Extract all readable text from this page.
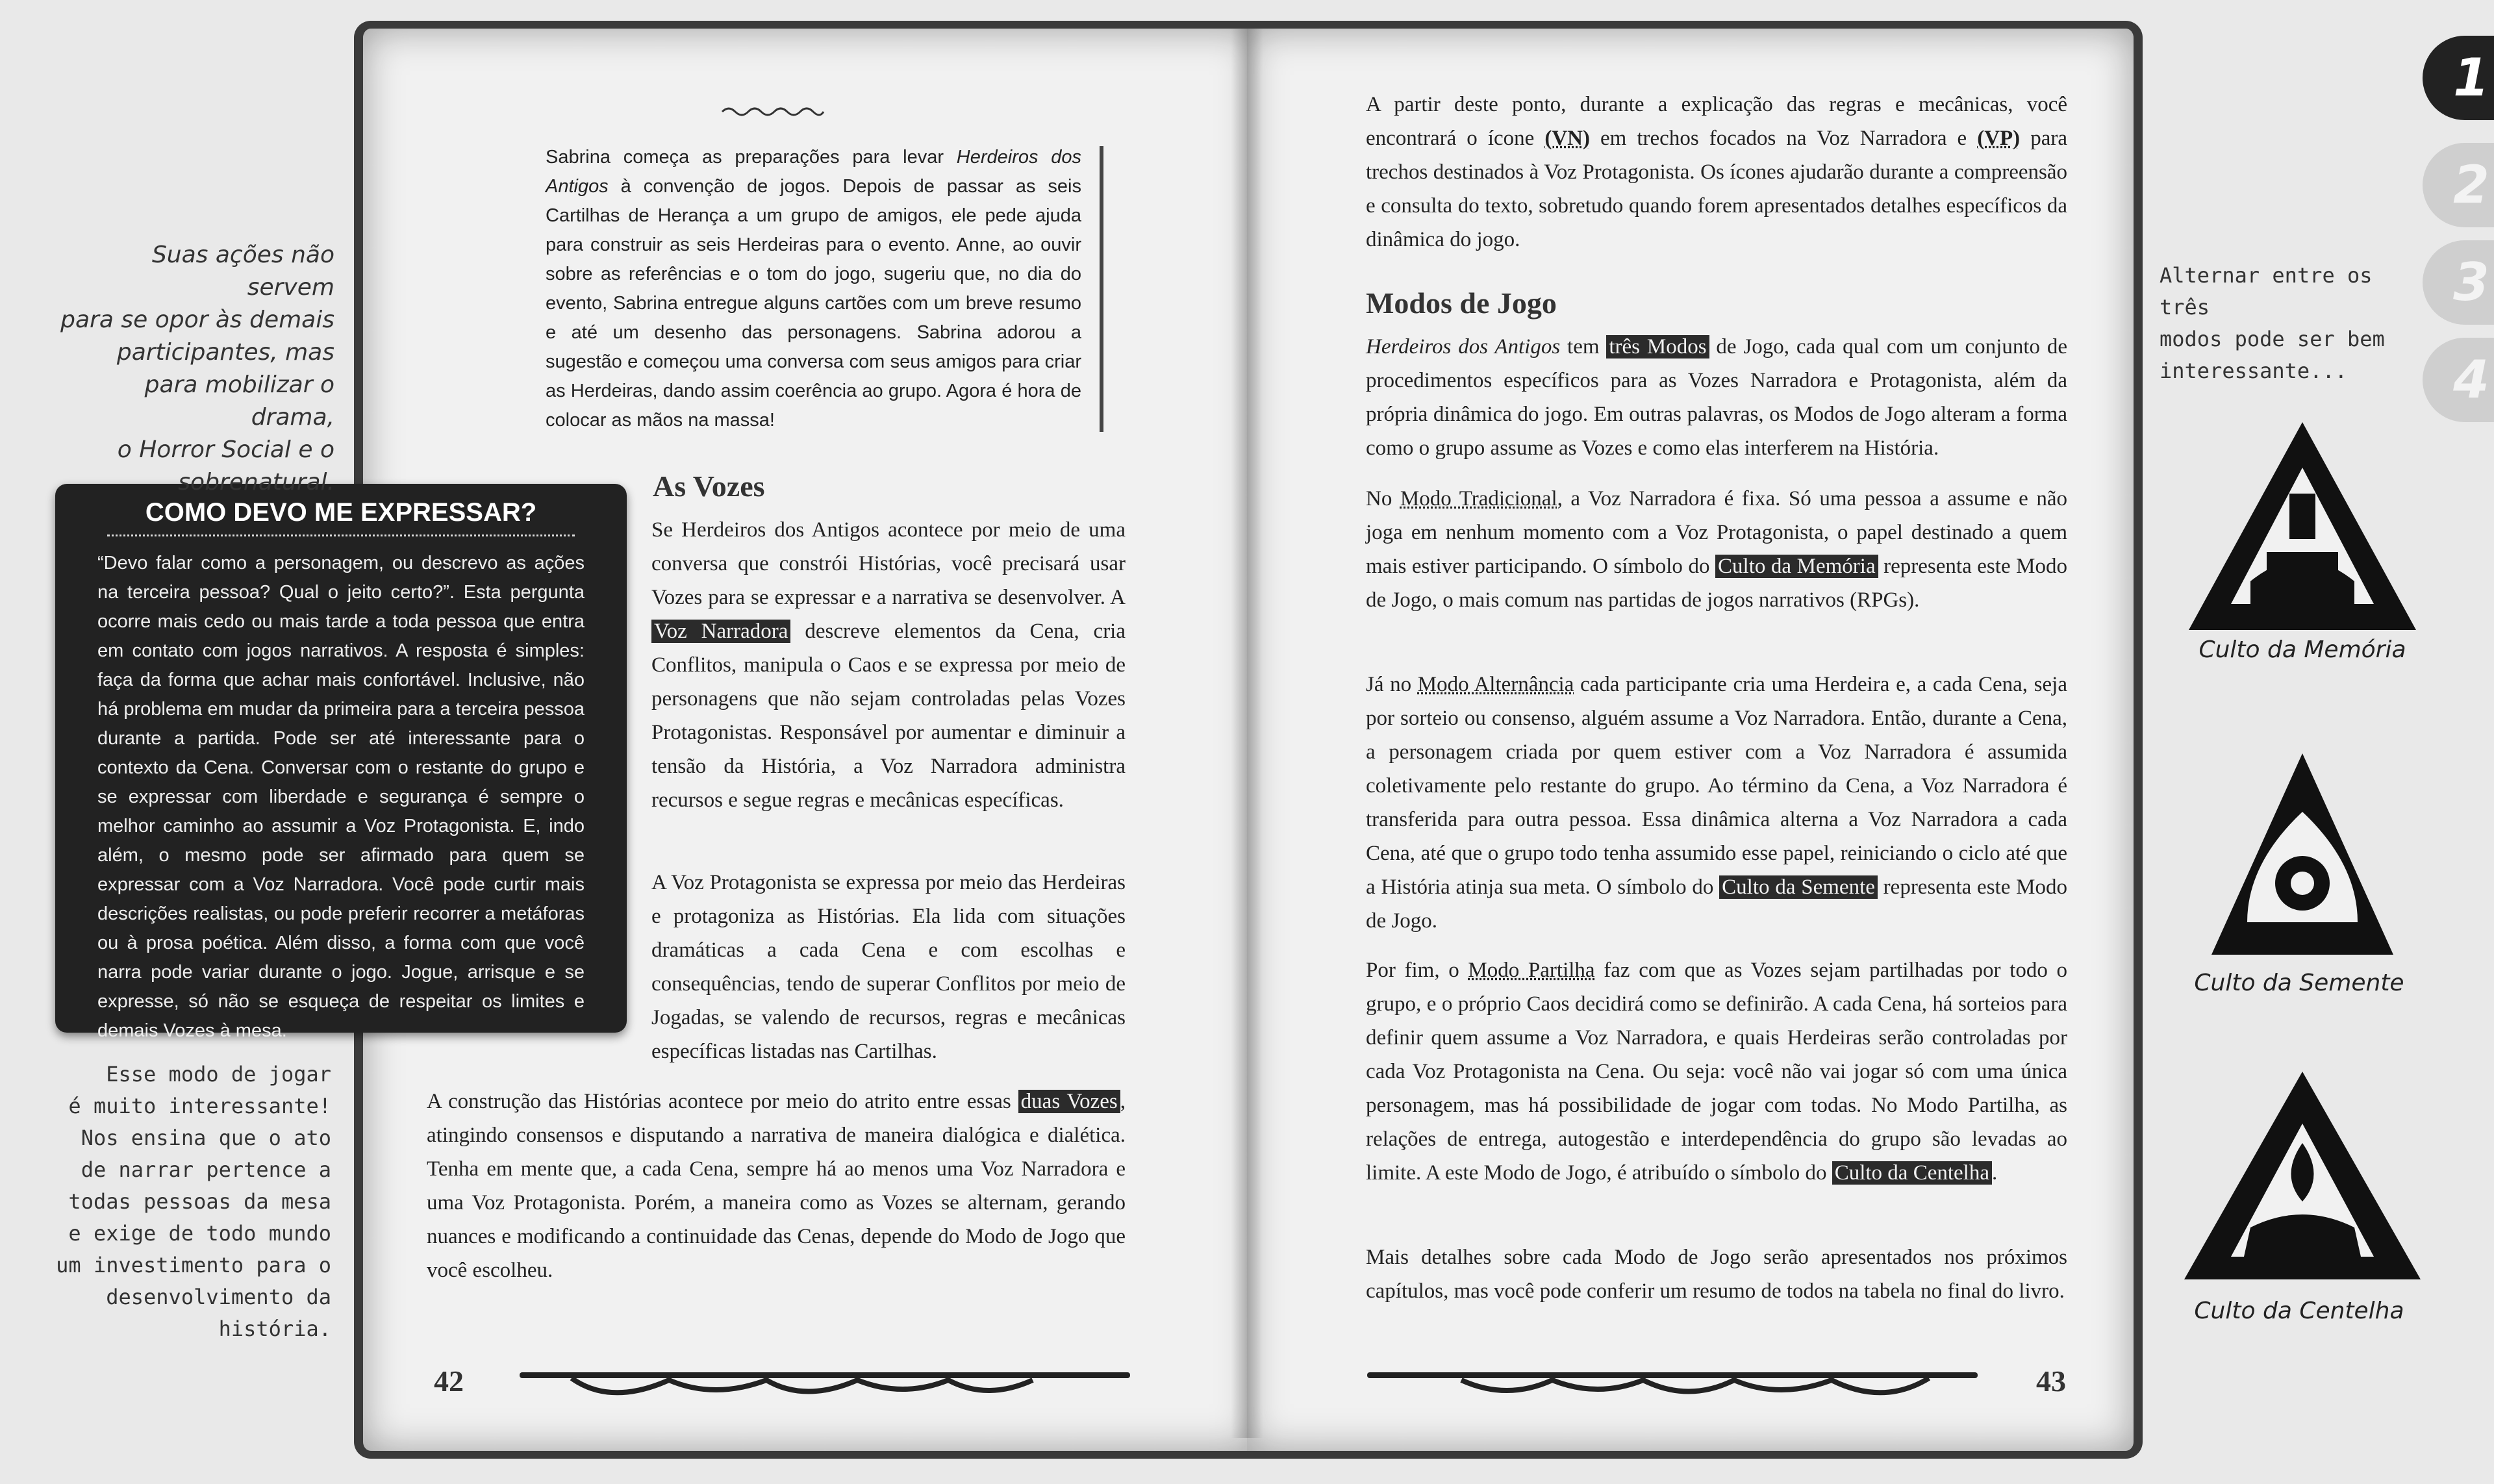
Sabrina começa as preparações para levar Herdeiros dos Antigos à convenção de jogos. Depois de passar as seis Cartilhas de Herança a um grupo de amigos, ele pede ajuda para construir as seis Herdeiras para o evento. Anne, ao ouvir sobre as referências e o tom do jogo, sugeriu que, no dia do evento, Sabrina entregue alguns cartões com um breve resumo e até um desenho das personagens. Sabrina adorou a sugestão e começou uma conversa com seus amigos para criar as Herdeiras, dando assim coerência ao grupo. Agora é hora de colocar as mãos na massa!
As Vozes
Se Herdeiros dos Antigos acontece por meio de uma conversa que constrói Histórias, você precisará usar Vozes para se expressar e a narrativa se desenvolver. A Voz Narradora descreve elementos da Cena, cria Conflitos, manipula o Caos e se expressa por meio de personagens que não sejam controladas pelas Vozes Protagonistas. Responsável por aumentar e diminuir a tensão da História, a Voz Narradora administra recursos e segue regras e mecânicas específicas.
A Voz Protagonista se expressa por meio das Herdeiras e protagoniza as Histórias. Ela lida com situações dramáticas a cada Cena e com escolhas e consequências, tendo de superar Conflitos por meio de Jogadas, se valendo de recursos, regras e mecânicas específicas listadas nas Cartilhas.
A construção das Histórias acontece por meio do atrito entre essas duas Vozes , atingindo consensos e disputando a narrativa de maneira dialógica e dialética. Tenha em mente que, a cada Cena, sempre há ao menos uma Voz Narradora e uma Voz Protagonista. Porém, a maneira como as Vozes se alternam, gerando nuances e modificando a continuidade das Cenas, depende do Modo de Jogo que você escolheu.
42
COMO DEVO ME EXPRESSAR?
“Devo falar como a personagem, ou descrevo as ações na terceira pessoa? Qual o jeito certo?”. Esta pergunta ocorre mais cedo ou mais tarde a toda pessoa que entra em contato com jogos narrativos. A resposta é simples: faça da forma que achar mais confortável. Inclusive, não há problema em mudar da primeira para a terceira pessoa durante a partida. Pode ser até interessante para o contexto da Cena. Conversar com o restante do grupo e se expressar com liberdade e segurança é sempre o melhor caminho ao assumir a Voz Protagonista. E, indo além, o mesmo pode ser afirmado para quem se expressar com a Voz Narradora. Você pode curtir mais descrições realistas, ou pode preferir recorrer a metáforas ou à prosa poética. Além disso, a forma com que você narra pode variar durante o jogo. Jogue, arrisque e se expresse, só não se esqueça de respeitar os limites e demais Vozes à mesa.
Suas ações não servem
para se opor às demais
participantes, mas
para mobilizar o drama,
o Horror Social e o
sobrenatural.
Esse modo de jogar
é muito interessante!
Nos ensina que o ato
de narrar pertence a
todas pessoas da mesa
e exige de todo mundo
um investimento para o
desenvolvimento da história.
A partir deste ponto, durante a explicação das regras e mecânicas, você encontrará o ícone (VN) em trechos focados na Voz Narradora e (VP) para trechos destinados à Voz Protagonista. Os ícones ajudarão durante a compreensão e consulta do texto, sobretudo quando forem apresentados detalhes específicos da dinâmica do jogo.
Modos de Jogo
Herdeiros dos Antigos tem três Modos de Jogo, cada qual com um conjunto de procedimentos específicos para as Vozes Narradora e Protagonista, além da própria dinâmica do jogo. Em outras palavras, os Modos de Jogo alteram a forma como o grupo assume as Vozes e como elas interferem na História.
No Modo Tradicional, a Voz Narradora é fixa. Só uma pessoa a assume e não joga em nenhum momento com a Voz Protagonista, o papel destinado a quem mais estiver participando. O símbolo do Culto da Memória representa este Modo de Jogo, o mais comum nas partidas de jogos narrativos (RPGs).
Já no Modo Alternância cada participante cria uma Herdeira e, a cada Cena, seja por sorteio ou consenso, alguém assume a Voz Narradora. Então, durante a Cena, a personagem criada por quem estiver com a Voz Narradora é assumida coletivamente pelo restante do grupo. Ao término da Cena, a Voz Narradora é transferida para outra pessoa. Essa dinâmica alterna a Voz Narradora a cada Cena, até que o grupo todo tenha assumido esse papel, reiniciando o ciclo até que a História atinja sua meta. O símbolo do Culto da Semente representa este Modo de Jogo.
Por fim, o Modo Partilha faz com que as Vozes sejam partilhadas por todo o grupo, e o próprio Caos decidirá como se definirão. A cada Cena, há sorteios para definir quem assume a Voz Narradora, e quais Herdeiras serão controladas por cada Voz Protagonista na Cena. Ou seja: você não vai jogar só com uma única personagem, mas há possibilidade de jogar com todas. No Modo Partilha, as relações de entrega, autogestão e interdependência do grupo são levadas ao limite. A este Modo de Jogo, é atribuído o símbolo do Culto da Centelha .
Mais detalhes sobre cada Modo de Jogo serão apresentados nos próximos capítulos, mas você pode conferir um resumo de todos na tabela no final do livro.
43
Alternar entre os três
modos pode ser bem
interessante...
Culto da Memória
Culto da Semente
Culto da Centelha
1
2
3
4
